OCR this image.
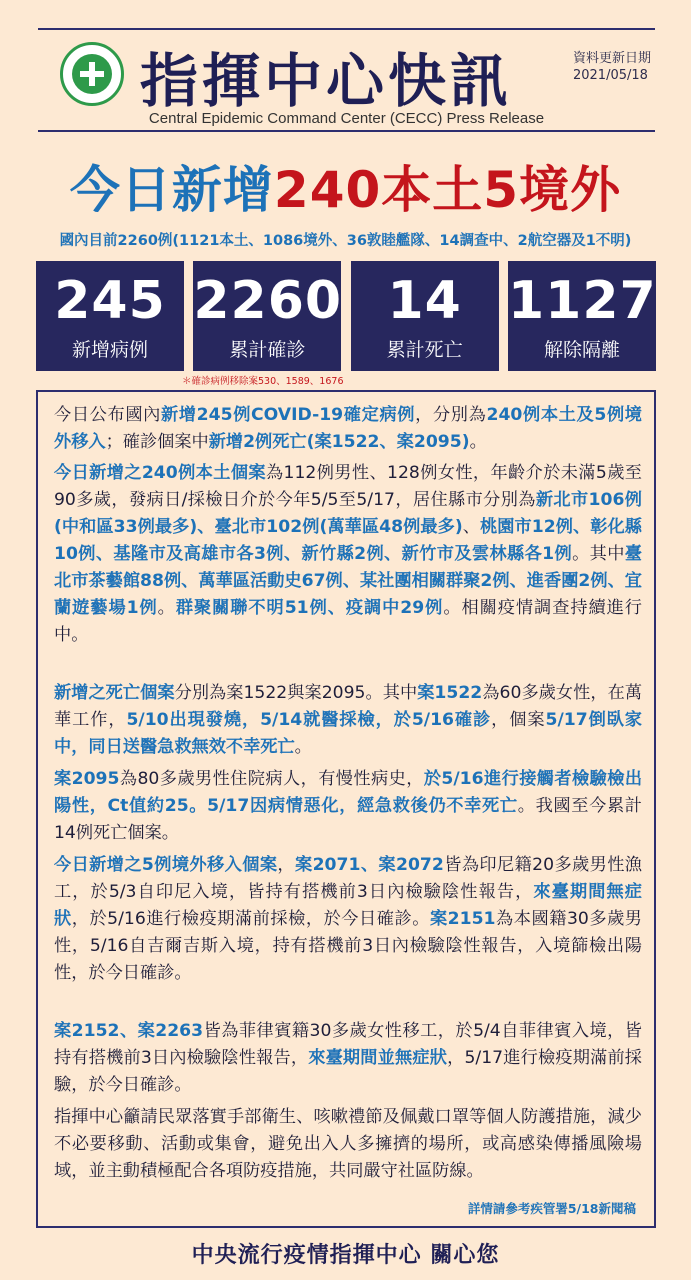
指揮中心快訊	資料更新日期
2021/05/18
Central Epidemic Command Center (CECC) Press Release
今日新增240本土5境外
國內目前2260例(1121本土、1086境外、36敦睦艦隊、14調查中、2航空器及1不明)
245
新增病例
2260
累計確診
14
累計死亡
1127
解除隔離
＊確診病例移除案530、1589、1676
今日公布國內新增245例COVID-19確定病例，分別為240例本土及5例境外移入；確診個案中新增2例死亡(案1522、案2095)。
今日新增之240例本土個案為112例男性、128例女性，年齡介於未滿5歲至90多歲，發病日/採檢日介於今年5/5至5/17，居住縣市分別為新北市106例(中和區33例最多)、臺北市102例(萬華區48例最多)、桃園市12例、彰化縣10例、基隆市及高雄市各3例、新竹縣2例、新竹市及雲林縣各1例。其中臺北市茶藝館88例、萬華區活動史67例、某社團相關群聚2例、進香團2例、宜蘭遊藝場1例。群聚關聯不明51例、疫調中29例。相關疫情調查持續進行中。
新增之死亡個案分別為案1522與案2095。其中案1522為60多歲女性，在萬華工作，5/10出現發燒，5/14就醫採檢，於5/16確診，個案5/17倒臥家中，同日送醫急救無效不幸死亡。
案2095為80多歲男性住院病人，有慢性病史，於5/16進行接觸者檢驗檢出陽性，Ct值約25。5/17因病情惡化，經急救後仍不幸死亡。我國至今累計14例死亡個案。
今日新增之5例境外移入個案，案2071、案2072皆為印尼籍20多歲男性漁工，於5/3自印尼入境，皆持有搭機前3日內檢驗陰性報告，來臺期間無症狀，於5/16進行檢疫期滿前採檢，於今日確診。案2151為本國籍30多歲男性，5/16自吉爾吉斯入境，持有搭機前3日內檢驗陰性報告，入境篩檢出陽性，於今日確診。
案2152、案2263皆為菲律賓籍30多歲女性移工，於5/4自菲律賓入境，皆持有搭機前3日內檢驗陰性報告，來臺期間並無症狀，5/17進行檢疫期滿前採驗，於今日確診。
指揮中心籲請民眾落實手部衛生、咳嗽禮節及佩戴口罩等個人防護措施，減少不必要移動、活動或集會，避免出入人多擁擠的場所，或高感染傳播風險場域，並主動積極配合各項防疫措施，共同嚴守社區防線。
詳情請參考疾管署5/18新聞稿
中央流行疫情指揮中心 關心您
